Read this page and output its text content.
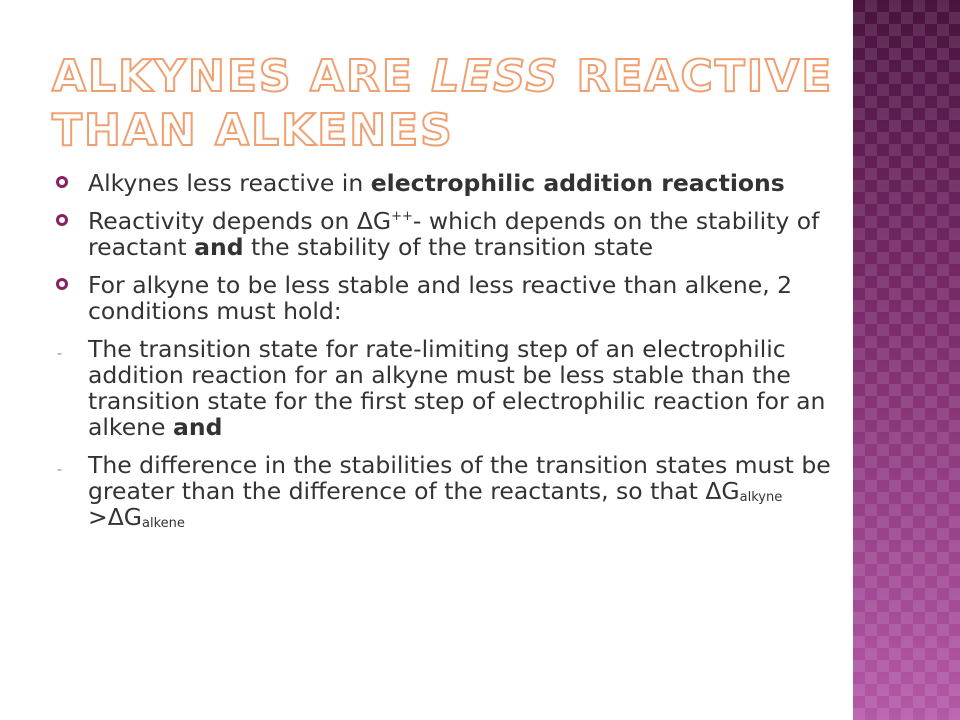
ALKYNES ARE LESS REACTIVE THAN ALKENES
Alkynes less reactive in electrophilic addition reactions
Reactivity depends on ΔG++- which depends on the stability of reactant and the stability of the transition state
For alkyne to be less stable and less reactive than alkene, 2 conditions must hold:
- The transition state for rate-limiting step of an electrophilic addition reaction for an alkyne must be less stable than the transition state for the first step of electrophilic reaction for an alkene and
- The difference in the stabilities of the transition states must be greater than the difference of the reactants, so that $\Delta G_{alkyne} >\Delta G_{alkene}$
